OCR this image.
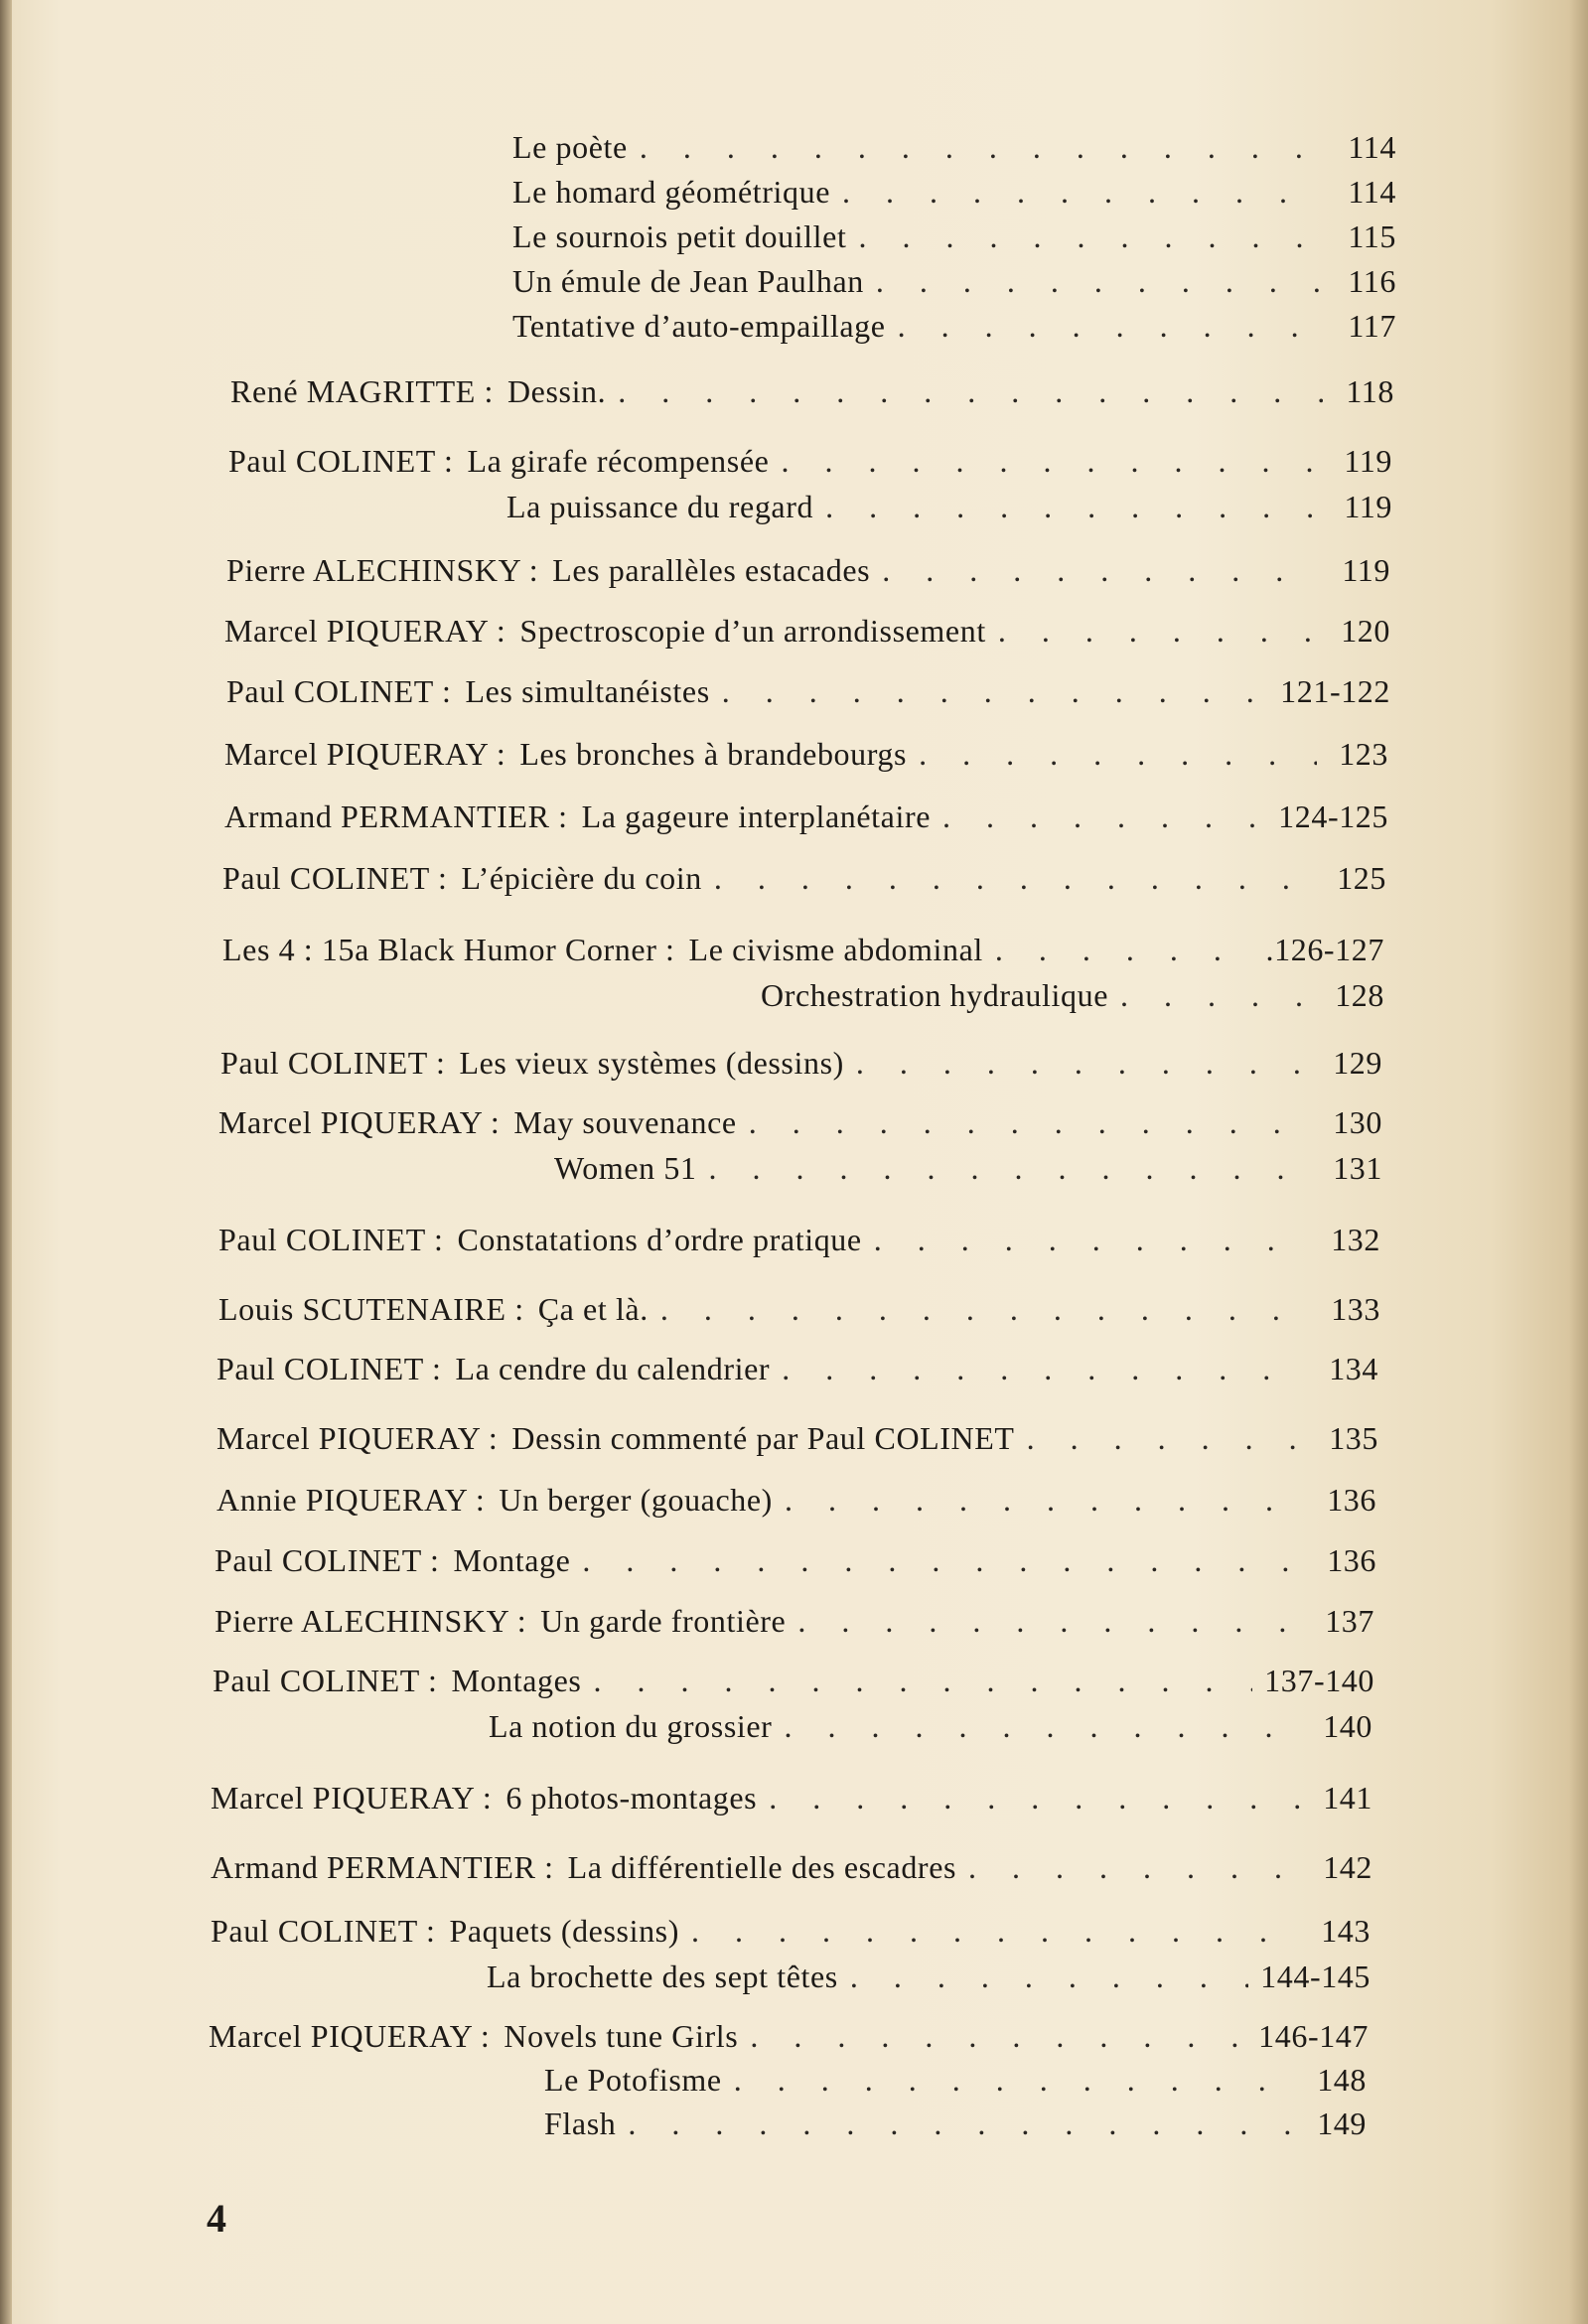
Le poète . . .	114
Le homard géométrique . . .	114
Le sournois petit douillet . . .	115
Un émule de Jean Paulhan . . .	116
Tentative d’auto-empaillage . . .	117
René MAGRITTE : Dessin. . . .	118
Paul COLINET : La girafe récompensée . . .	119
La puissance du regard . . .	119
Pierre ALECHINSKY : Les parallèles estacades . . .	119
Marcel PIQUERAY : Spectroscopie d’un arrondissement . . .	120
Paul COLINET : Les simultanéistes . . .	121-122
Marcel PIQUERAY : Les bronches à brandebourgs . . .	123
Armand PERMANTIER : La gageure interplanétaire . . .	124-125
Paul COLINET : L’épicière du coin . . .	125
Les 4 : 15a Black Humor Corner : Le civisme abdominal . . .	.126-127
Orchestration hydraulique . . .	128
Paul COLINET : Les vieux systèmes (dessins) . . .	129
Marcel PIQUERAY : May souvenance . . .	130
Women 51 . . .	131
Paul COLINET : Constatations d’ordre pratique . . .	132
Louis SCUTENAIRE : Ça et là. . . .	133
Paul COLINET : La cendre du calendrier . . .	134
Marcel PIQUERAY : Dessin commenté par Paul COLINET . . .	135
Annie PIQUERAY : Un berger (gouache) . . .	136
Paul COLINET : Montage . . .	136
Pierre ALECHINSKY : Un garde frontière . . .	137
Paul COLINET : Montages . . .	137-140
La notion du grossier . . .	140
Marcel PIQUERAY : 6 photos-montages . . .	141
Armand PERMANTIER : La différentielle des escadres . . .	142
Paul COLINET : Paquets (dessins) . . .	143
La brochette des sept têtes . . .	144-145
Marcel PIQUERAY : Novels tune Girls . . .	146-147
Le Potofisme . . .	148
Flash . . .	149
4
